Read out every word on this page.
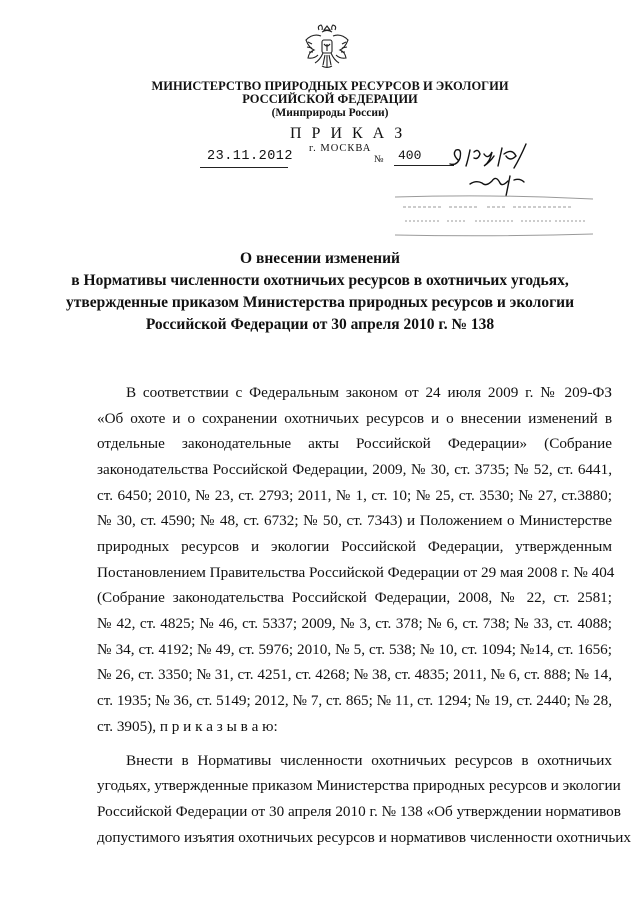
МИНИСТЕРСТВО ПРИРОДНЫХ РЕСУРСОВ И ЭКОЛОГИИ
РОССИЙСКОЙ ФЕДЕРАЦИИ
(Минприроды России)
П Р И К А З
г. МОСКВА
23.11.2012	№ 400
О внесении изменений
в Нормативы численности охотничьих ресурсов в охотничьих угодьях,
утвержденные приказом Министерства природных ресурсов и экологии
Российской Федерации от 30 апреля 2010 г. № 138
В соответствии с Федеральным законом от 24 июля 2009 г. № 209-ФЗ
«Об охоте и о сохранении охотничьих ресурсов и о внесении изменений в
отдельные законодательные акты Российской Федерации» (Собрание
законодательства Российской Федерации, 2009, № 30, ст. 3735; № 52, ст. 6441,
ст. 6450; 2010, № 23, ст. 2793; 2011, № 1, ст. 10; № 25, ст. 3530; № 27, ст.3880;
№ 30, ст. 4590; № 48, ст. 6732; № 50, ст. 7343) и Положением о Министерстве
природных ресурсов и экологии Российской Федерации, утвержденным
Постановлением Правительства Российской Федерации от 29 мая 2008 г. № 404
(Собрание законодательства Российской Федерации, 2008, № 22, ст. 2581;
№ 42, ст. 4825; № 46, ст. 5337; 2009, № 3, ст. 378; № 6, ст. 738; № 33, ст. 4088;
№ 34, ст. 4192; № 49, ст. 5976; 2010, № 5, ст. 538; № 10, ст. 1094; №14, ст. 1656;
№ 26, ст. 3350; № 31, ст. 4251, ст. 4268; № 38, ст. 4835; 2011, № 6, ст. 888; № 14,
ст. 1935; № 36, ст. 5149; 2012, № 7, ст. 865; № 11, ст. 1294; № 19, ст. 2440; № 28,
ст. 3905), п р и к а з ы в а ю:
Внести в Нормативы численности охотничьих ресурсов в охотничьих
угодьях, утвержденные приказом Министерства природных ресурсов и экологии
Российской Федерации от 30 апреля 2010 г. № 138 «Об утверждении нормативов
допустимого изъятия охотничьих ресурсов и нормативов численности охотничьих
